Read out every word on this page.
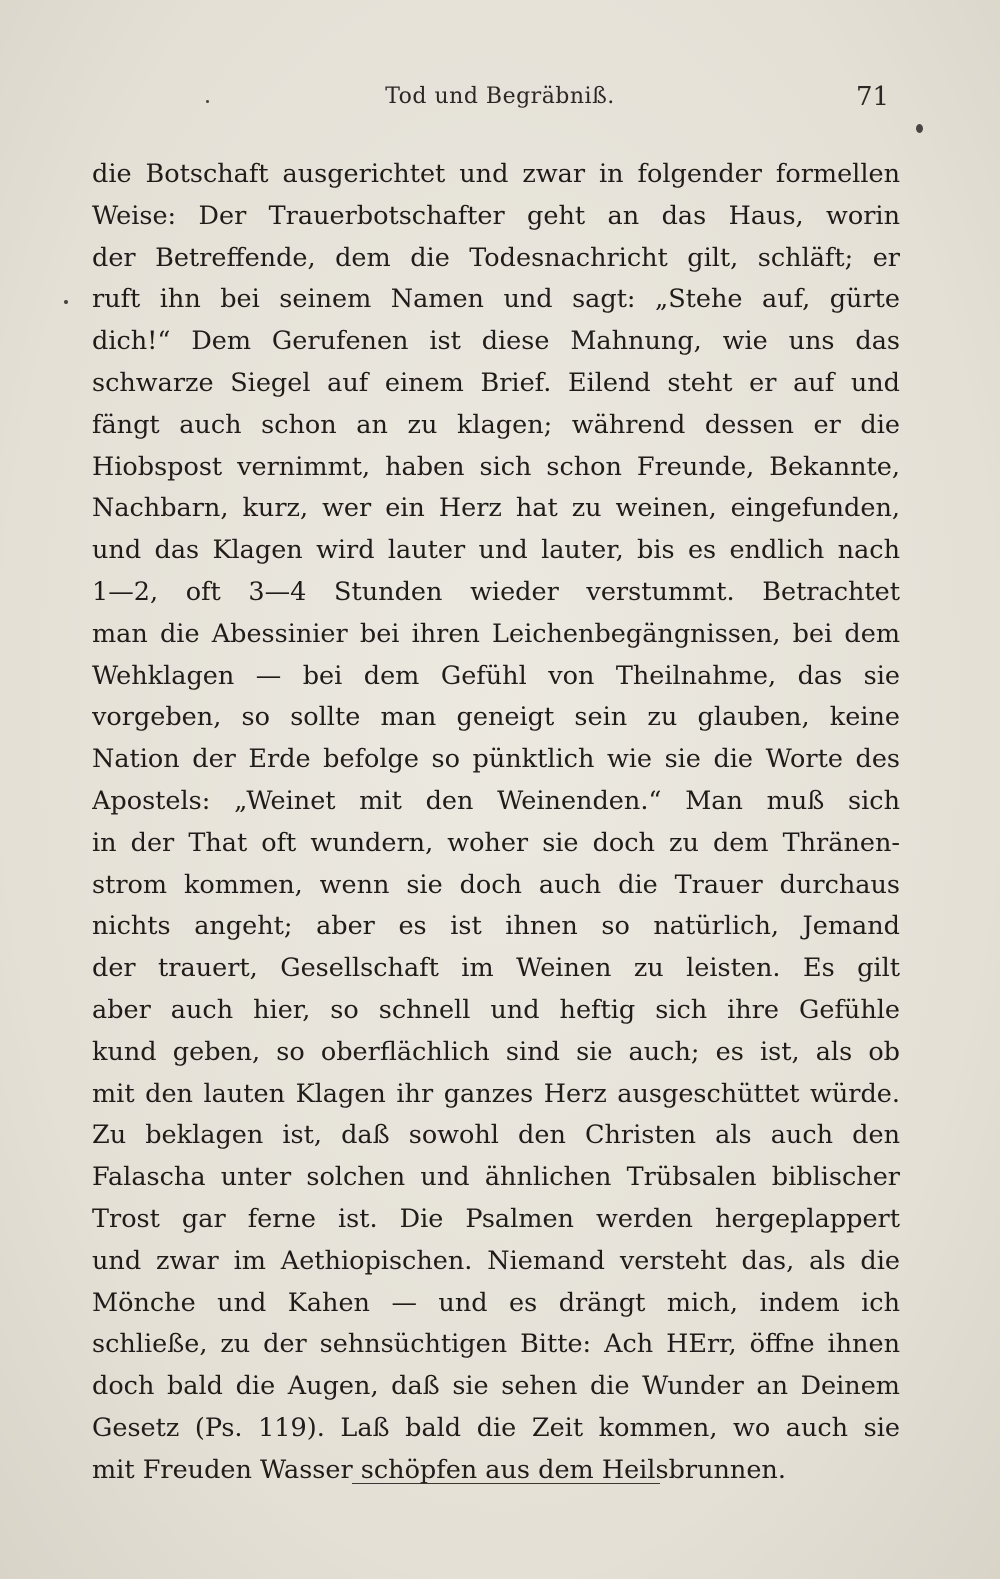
Tod und Begräbniß.	71
die Botschaft ausgerichtet und zwar in folgender formellen
Weise: Der Trauerbotschafter geht an das Haus, worin
der Betreffende, dem die Todesnachricht gilt, schläft; er
ruft ihn bei seinem Namen und sagt: „Stehe auf, gürte
dich!“ Dem Gerufenen ist diese Mahnung, wie uns das
schwarze Siegel auf einem Brief. Eilend steht er auf und
fängt auch schon an zu klagen; während dessen er die
Hiobspost vernimmt, haben sich schon Freunde, Bekannte,
Nachbarn, kurz, wer ein Herz hat zu weinen, eingefunden,
und das Klagen wird lauter und lauter, bis es endlich nach
1—2, oft 3—4 Stunden wieder verstummt. Betrachtet
man die Abessinier bei ihren Leichenbegängnissen, bei dem
Wehklagen — bei dem Gefühl von Theilnahme, das sie
vorgeben, so sollte man geneigt sein zu glauben, keine
Nation der Erde befolge so pünktlich wie sie die Worte des
Apostels: „Weinet mit den Weinenden.“ Man muß sich
in der That oft wundern, woher sie doch zu dem Thränen-
strom kommen, wenn sie doch auch die Trauer durchaus
nichts angeht; aber es ist ihnen so natürlich, Jemand
der trauert, Gesellschaft im Weinen zu leisten. Es gilt
aber auch hier, so schnell und heftig sich ihre Gefühle
kund geben, so oberflächlich sind sie auch; es ist, als ob
mit den lauten Klagen ihr ganzes Herz ausgeschüttet würde.
Zu beklagen ist, daß sowohl den Christen als auch den
Falascha unter solchen und ähnlichen Trübsalen biblischer
Trost gar ferne ist. Die Psalmen werden hergeplappert
und zwar im Aethiopischen. Niemand versteht das, als die
Mönche und Kahen — und es drängt mich, indem ich
schließe, zu der sehnsüchtigen Bitte: Ach HErr, öffne ihnen
doch bald die Augen, daß sie sehen die Wunder an Deinem
Gesetz (Ps. 119). Laß bald die Zeit kommen, wo auch sie
mit Freuden Wasser schöpfen aus dem Heilsbrunnen.
